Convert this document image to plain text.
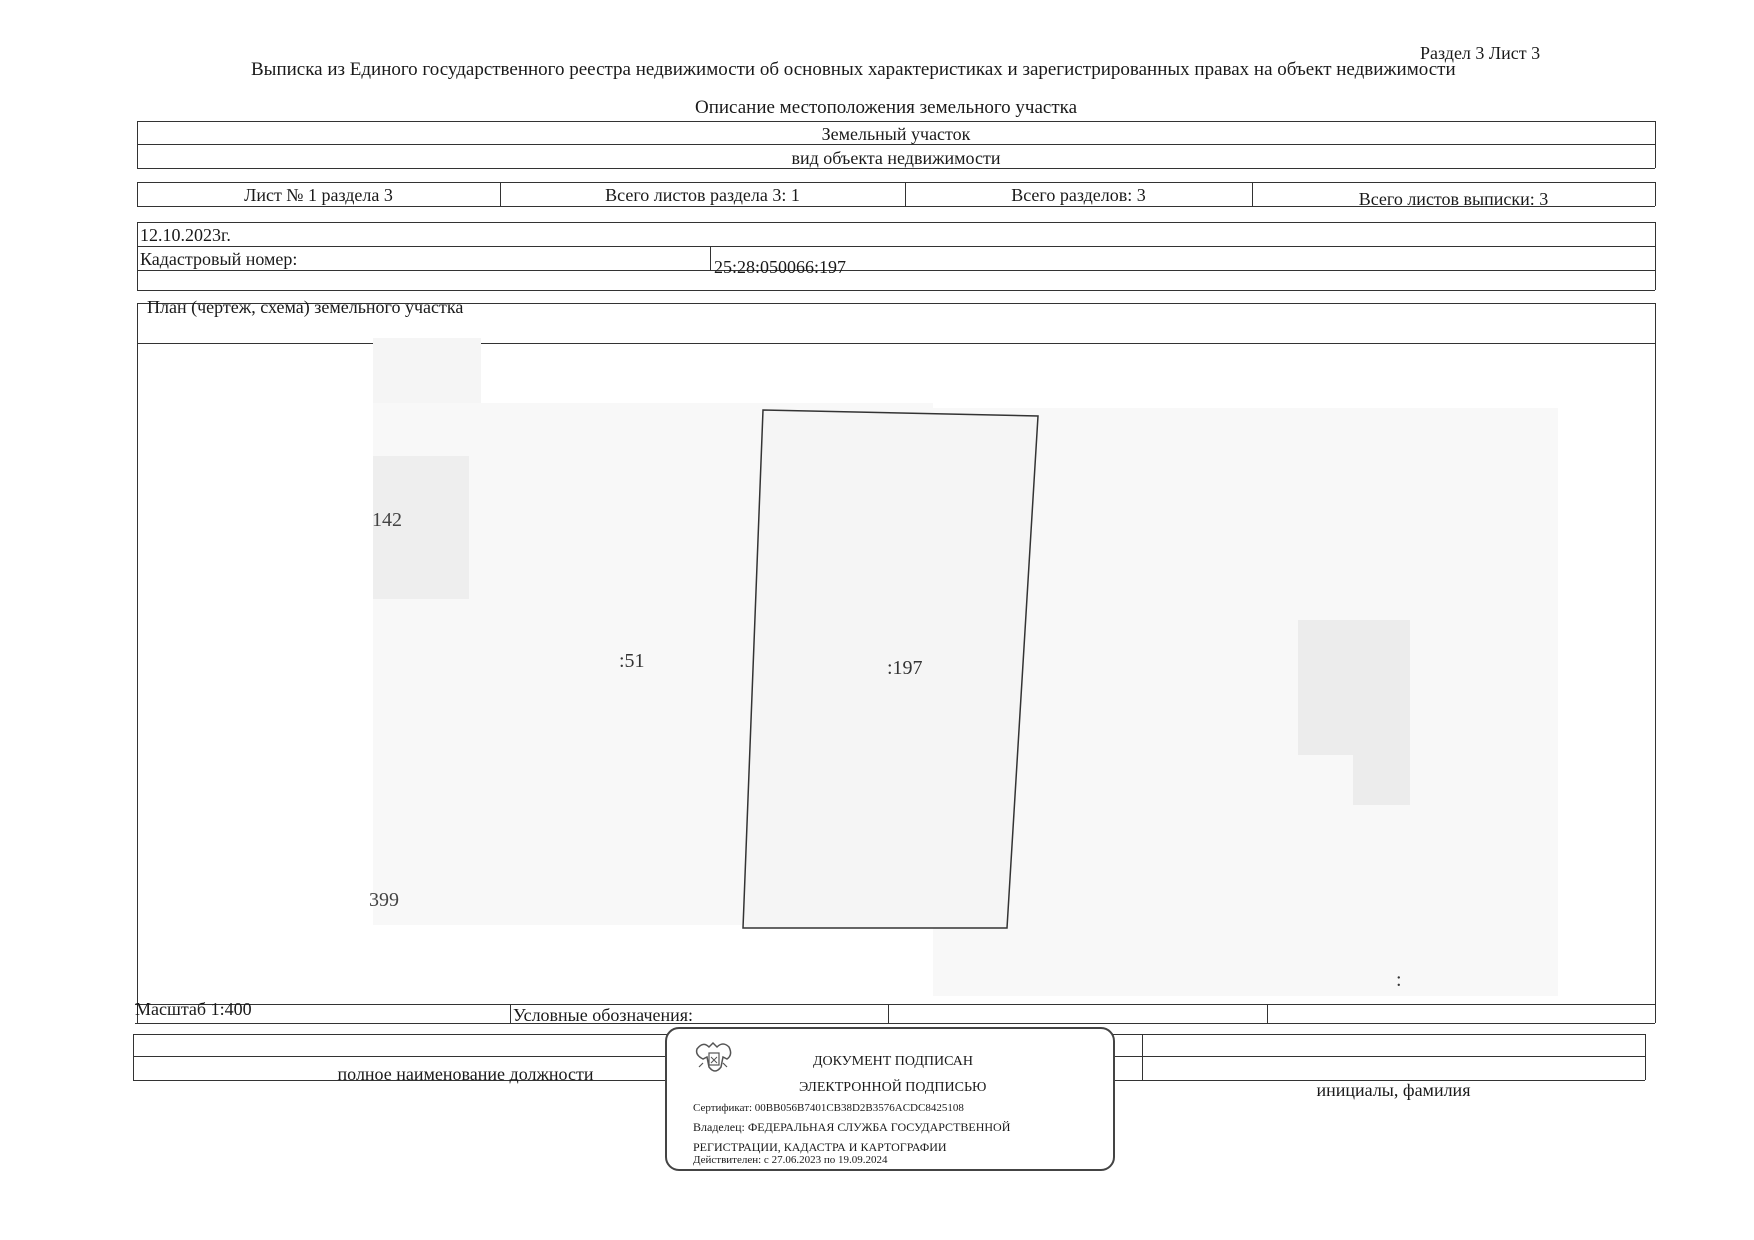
Раздел 3 Лист 3
Выписка из Единого государственного реестра недвижимости об основных характеристиках и зарегистрированных правах на объект недвижимости
Описание местоположения земельного участка
Земельный участок
вид объекта недвижимости
Лист № 1 раздела 3	Всего листов раздела 3: 1	Всего разделов: 3	Всего листов выписки: 3
12.10.2023г.
Кадастровый номер:	25:28:050066:197
План (чертеж, схема) земельного участка
142
399
:51	:197
:
Масштаб 1:400	Условные обозначения:
полное наименование должности
инициалы, фамилия
ДОКУМЕНТ ПОДПИСАН
ЭЛЕКТРОННОЙ ПОДПИСЬЮ
Сертификат: 00BB056B7401CB38D2B3576ACDC8425108
Владелец: ФЕДЕРАЛЬНАЯ СЛУЖБА ГОСУДАРСТВЕННОЙ
РЕГИСТРАЦИИ, КАДАСТРА И КАРТОГРАФИИ
Действителен: с 27.06.2023 по 19.09.2024
